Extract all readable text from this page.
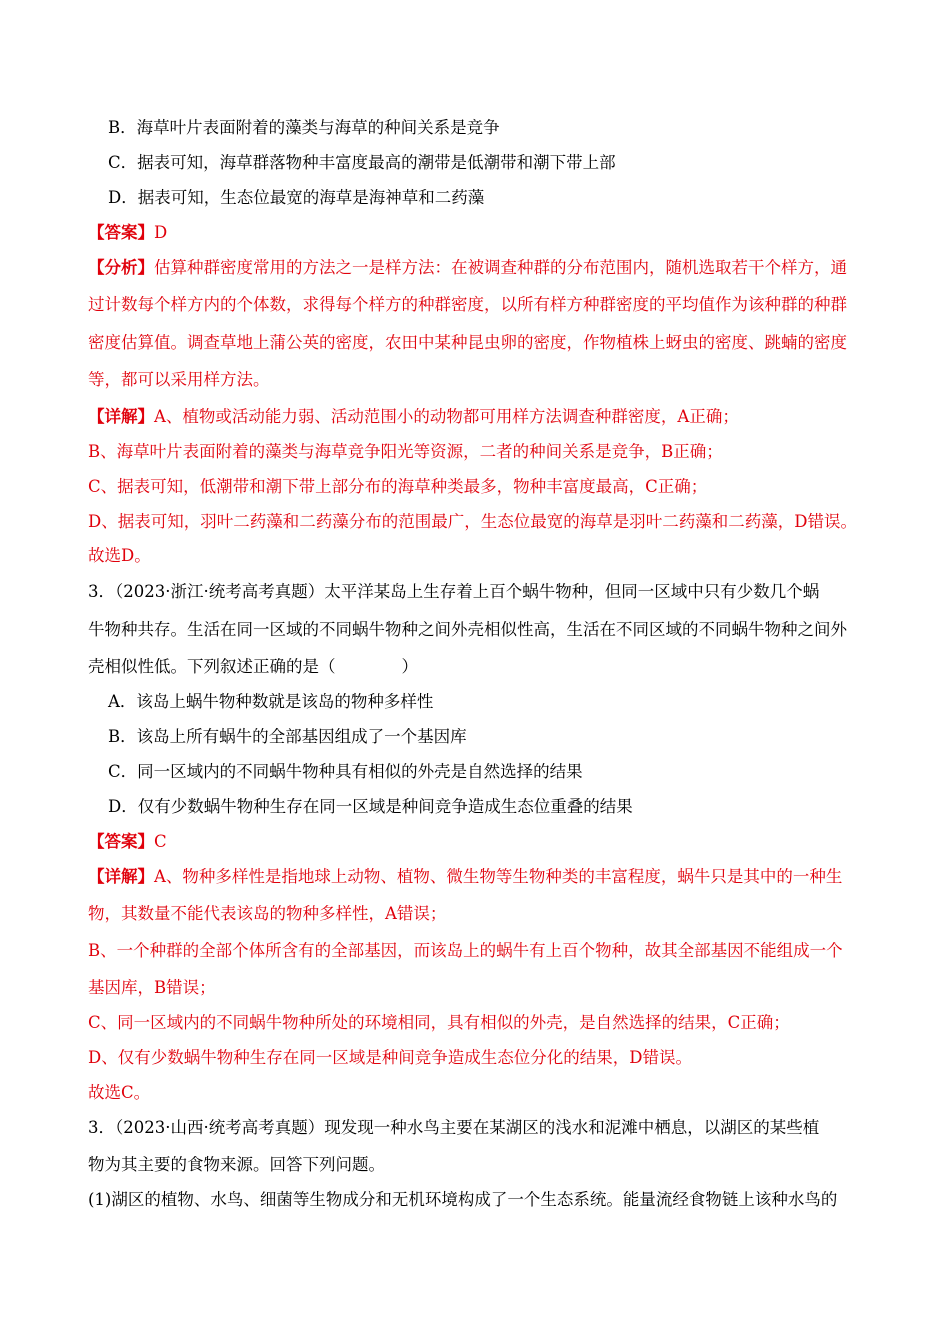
B．海草叶片表面附着的藻类与海草的种间关系是竞争
C．据表可知，海草群落物种丰富度最高的潮带是低潮带和潮下带上部
D．据表可知，生态位最宽的海草是海神草和二药藻
【答案】D
【分析】估算种群密度常用的方法之一是样方法：在被调查种群的分布范围内，随机选取若干个样方，通
过计数每个样方内的个体数，求得每个样方的种群密度，以所有样方种群密度的平均值作为该种群的种群
密度估算值。调查草地上蒲公英的密度，农田中某种昆虫卵的密度，作物植株上蚜虫的密度、跳蝻的密度
等，都可以采用样方法。
【详解】A、植物或活动能力弱、活动范围小的动物都可用样方法调查种群密度，A正确；
B、海草叶片表面附着的藻类与海草竞争阳光等资源，二者的种间关系是竞争，B正确；
C、据表可知，低潮带和潮下带上部分布的海草种类最多，物种丰富度最高，C正确；
D、据表可知，羽叶二药藻和二药藻分布的范围最广，生态位最宽的海草是羽叶二药藻和二药藻，D错误。
故选D。
3．（2023·浙江·统考高考真题）太平洋某岛上生存着上百个蜗牛物种，但同一区域中只有少数几个蜗
牛物种共存。生活在同一区域的不同蜗牛物种之间外壳相似性高，生活在不同区域的不同蜗牛物种之间外
壳相似性低。下列叙述正确的是（　　　　）
A．该岛上蜗牛物种数就是该岛的物种多样性
B．该岛上所有蜗牛的全部基因组成了一个基因库
C．同一区域内的不同蜗牛物种具有相似的外壳是自然选择的结果
D．仅有少数蜗牛物种生存在同一区域是种间竞争造成生态位重叠的结果
【答案】C
【详解】A、物种多样性是指地球上动物、植物、微生物等生物种类的丰富程度，蜗牛只是其中的一种生
物，其数量不能代表该岛的物种多样性，A错误；
B、一个种群的全部个体所含有的全部基因，而该岛上的蜗牛有上百个物种，故其全部基因不能组成一个
基因库，B错误；
C、同一区域内的不同蜗牛物种所处的环境相同，具有相似的外壳，是自然选择的结果，C正确；
D、仅有少数蜗牛物种生存在同一区域是种间竞争造成生态位分化的结果，D错误。
故选C。
3．（2023·山西·统考高考真题）现发现一种水鸟主要在某湖区的浅水和泥滩中栖息，以湖区的某些植
物为其主要的食物来源。回答下列问题。
(1)湖区的植物、水鸟、细菌等生物成分和无机环境构成了一个生态系统。能量流经食物链上该种水鸟的
